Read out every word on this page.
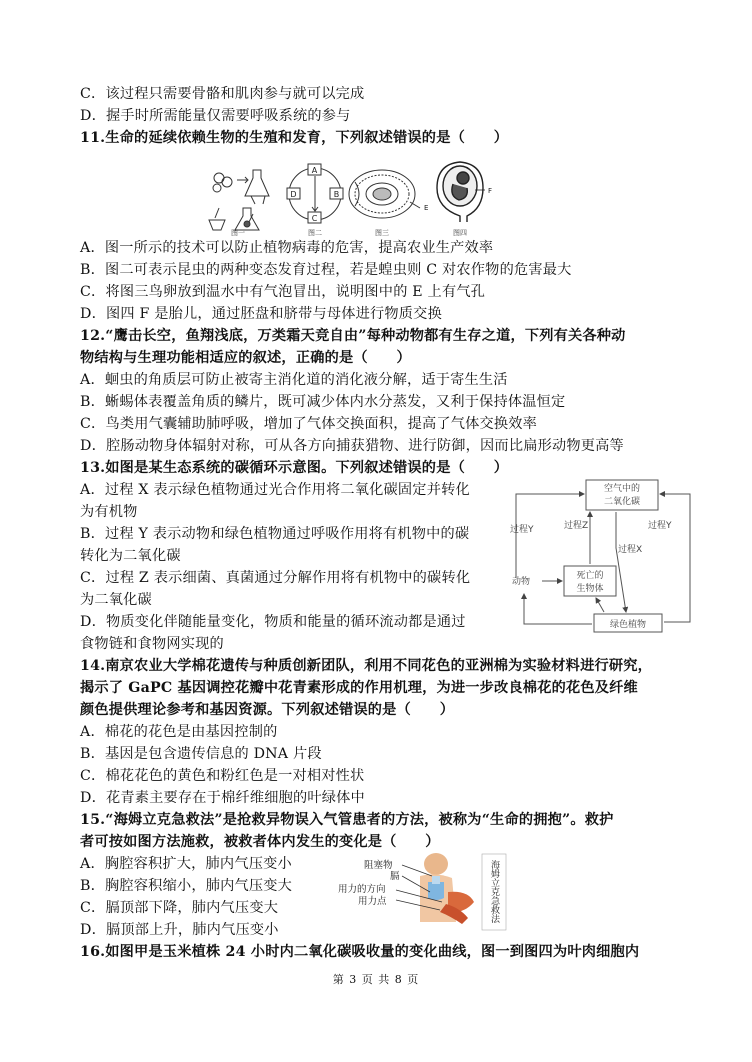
C．该过程只需要骨骼和肌肉参与就可以完成
D．握手时所需能量仅需要呼吸系统的参与
11.生命的延续依赖生物的生殖和发育，下列叙述错误的是（　　）
图一
A
B
C
D
图二
E
图三
F
图四
A．图一所示的技术可以防止植物病毒的危害，提高农业生产效率
B．图二可表示昆虫的两种变态发育过程，若是蝗虫则 C 对农作物的危害最大
C．将图三鸟卵放到温水中有气泡冒出，说明图中的 E 上有气孔
D．图四 F 是胎儿，通过胚盘和脐带与母体进行物质交换
12.“鹰击长空，鱼翔浅底，万类霜天竞自由”每种动物都有生存之道，下列有关各种动
物结构与生理功能相适应的叙述，正确的是（　　）
A．蛔虫的角质层可防止被寄主消化道的消化液分解，适于寄生生活
B．蜥蜴体表覆盖角质的鳞片，既可减少体内水分蒸发，又利于保持体温恒定
C．鸟类用气囊辅助肺呼吸，增加了气体交换面积，提高了气体交换效率
D．腔肠动物身体辐射对称，可从各方向捕获猎物、进行防御，因而比扁形动物更高等
13.如图是某生态系统的碳循环示意图。下列叙述错误的是（　　）
A．过程 X 表示绿色植物通过光合作用将二氧化碳固定并转化
为有机物
B．过程 Y 表示动物和绿色植物通过呼吸作用将有机物中的碳
转化为二氧化碳
C．过程 Z 表示细菌、真菌通过分解作用将有机物中的碳转化
为二氧化碳
D．物质变化伴随能量变化，物质和能量的循环流动都是通过
食物链和食物网实现的
空气中的
二氧化碳
过程Y	过程Z	过程Y
过程X
动物
死亡的
生物体
绿色植物
14.南京农业大学棉花遗传与种质创新团队，利用不同花色的亚洲棉为实验材料进行研究，
揭示了 GaPC 基因调控花瓣中花青素形成的作用机理，为进一步改良棉花的花色及纤维
颜色提供理论参考和基因资源。下列叙述错误的是（　　）
A．棉花的花色是由基因控制的
B．基因是包含遗传信息的 DNA 片段
C．棉花花色的黄色和粉红色是一对相对性状
D．花青素主要存在于棉纤维细胞的叶绿体中
15.“海姆立克急救法”是抢救异物误入气管患者的方法，被称为“生命的拥抱”。救护
者可按如图方法施救，被救者体内发生的变化是（　　）
A．胸腔容积扩大，肺内气压变小
B．胸腔容积缩小，肺内气压变大
C．膈顶部下降，肺内气压变大
D．膈顶部上升，肺内气压变小
阻塞物
膈
用力的方向
用力点	海姆立克急救法
16.如图甲是玉米植株 24 小时内二氧化碳吸收量的变化曲线，图一到图四为叶肉细胞内
第 3 页 共 8 页
